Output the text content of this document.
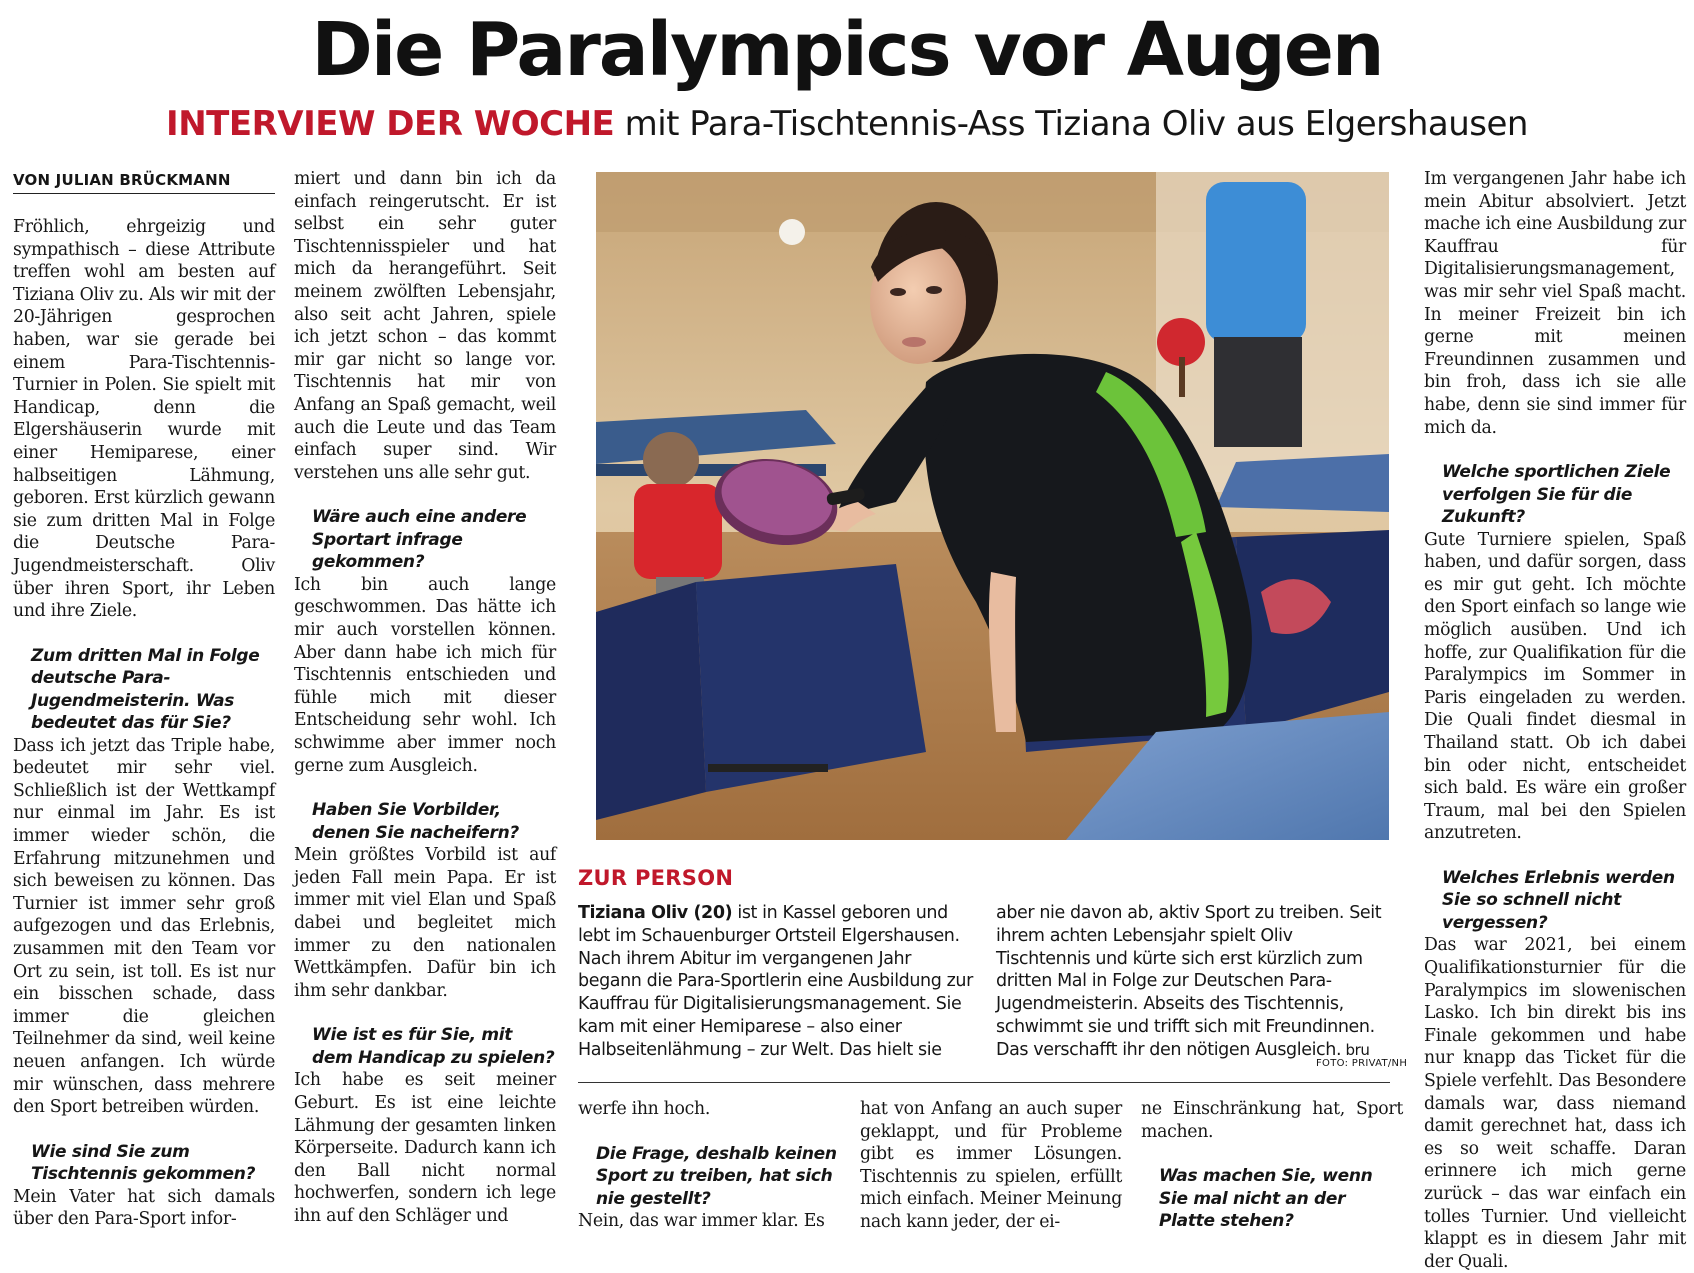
Die Paralympics vor Augen
INTERVIEW DER WOCHE mit Para-Tischtennis-Ass Tiziana Oliv aus Elgershausen
VON JULIAN BRÜCKMANN

Fröhlich, ehrgeizig und sympathisch – diese Attribute treffen wohl am besten auf Tiziana Oliv zu. Als wir mit der 20-Jährigen gesprochen haben, war sie gerade bei einem Para-Tischtennis-Turnier in Polen. Sie spielt mit Handicap, denn die Elgershäuserin wurde mit einer Hemiparese, einer halbseitigen Lähmung, geboren. Erst kürzlich gewann sie zum dritten Mal in Folge die Deutsche Para-Jugendmeisterschaft. Oliv über ihren Sport, ihr Leben und ihre Ziele.

Zum dritten Mal in Folge deutsche Para-Jugendmeisterin. Was bedeutet das für Sie?

Dass ich jetzt das Triple habe, bedeutet mir sehr viel. Schließlich ist der Wettkampf nur einmal im Jahr. Es ist immer wieder schön, die Erfahrung mitzunehmen und sich beweisen zu können. Das Turnier ist immer sehr groß aufgezogen und das Erlebnis, zusammen mit den Team vor Ort zu sein, ist toll. Es ist nur ein bisschen schade, dass immer die gleichen Teilnehmer da sind, weil keine neuen anfangen. Ich würde mir wünschen, dass mehrere den Sport betreiben würden.

Wie sind Sie zum Tischtennis gekommen?

Mein Vater hat sich damals über den Para-Sport infor-

miert und dann bin ich da einfach reingerutscht. Er ist selbst ein sehr guter Tischtennisspieler und hat mich da herangeführt. Seit meinem zwölften Lebensjahr, also seit acht Jahren, spiele ich jetzt schon – das kommt mir gar nicht so lange vor. Tischtennis hat mir von Anfang an Spaß gemacht, weil auch die Leute und das Team einfach super sind. Wir verstehen uns alle sehr gut.

Wäre auch eine andere Sportart infrage gekommen?

Ich bin auch lange geschwommen. Das hätte ich mir auch vorstellen können. Aber dann habe ich mich für Tischtennis entschieden und fühle mich mit dieser Entscheidung sehr wohl. Ich schwimme aber immer noch gerne zum Ausgleich.

Haben Sie Vorbilder, denen Sie nacheifern?

Mein größtes Vorbild ist auf jeden Fall mein Papa. Er ist immer mit viel Elan und Spaß dabei und begleitet mich immer zu den nationalen Wettkämpfen. Dafür bin ich ihm sehr dankbar.

Wie ist es für Sie, mit dem Handicap zu spielen?

Ich habe es seit meiner Geburt. Es ist eine leichte Lähmung der gesamten linken Körperseite. Dadurch kann ich den Ball nicht normal hochwerfen, sondern ich lege ihn auf den Schläger und

ZUR PERSON

Tiziana Oliv (20) ist in Kassel geboren und lebt im Schauenburger Ortsteil Elgershausen. Nach ihrem Abitur im vergangenen Jahr begann die Para-Sportlerin eine Ausbildung zur Kauffrau für Digitalisierungsmanagement. Sie kam mit einer Hemiparese – also einer Halbseitenlähmung – zur Welt. Das hielt sie

aber nie davon ab, aktiv Sport zu treiben. Seit ihrem achten Lebensjahr spielt Oliv Tischtennis und kürte sich erst kürzlich zum dritten Mal in Folge zur Deutschen Para-Jugendmeisterin. Abseits des Tischtennis, schwimmt sie und trifft sich mit Freundinnen. Das verschafft ihr den nötigen Ausgleich. bru

FOTO: PRIVAT/NH

werfe ihn hoch.

Die Frage, deshalb keinen Sport zu treiben, hat sich nie gestellt?

Nein, das war immer klar. Es

hat von Anfang an auch super geklappt, und für Probleme gibt es immer Lösungen. Tischtennis zu spielen, erfüllt mich einfach. Meiner Meinung nach kann jeder, der ei-

ne Einschränkung hat, Sport machen.

Was machen Sie, wenn Sie mal nicht an der Platte stehen?

Im vergangenen Jahr habe ich mein Abitur absolviert. Jetzt mache ich eine Ausbildung zur Kauffrau für Digitalisierungsmanagement, was mir sehr viel Spaß macht. In meiner Freizeit bin ich gerne mit meinen Freundinnen zusammen und bin froh, dass ich sie alle habe, denn sie sind immer für mich da.

Welche sportlichen Ziele verfolgen Sie für die Zukunft?

Gute Turniere spielen, Spaß haben, und dafür sorgen, dass es mir gut geht. Ich möchte den Sport einfach so lange wie möglich ausüben. Und ich hoffe, zur Qualifikation für die Paralympics im Sommer in Paris eingeladen zu werden. Die Quali findet diesmal in Thailand statt. Ob ich dabei bin oder nicht, entscheidet sich bald. Es wäre ein großer Traum, mal bei den Spielen anzutreten.

Welches Erlebnis werden Sie so schnell nicht vergessen?

Das war 2021, bei einem Qualifikationsturnier für die Paralympics im slowenischen Lasko. Ich bin direkt bis ins Finale gekommen und habe nur knapp das Ticket für die Spiele verfehlt. Das Besondere damals war, dass niemand damit gerechnet hat, dass ich es so weit schaffe. Daran erinnere ich mich gerne zurück – das war einfach ein tolles Turnier. Und vielleicht klappt es in diesem Jahr mit der Quali.
